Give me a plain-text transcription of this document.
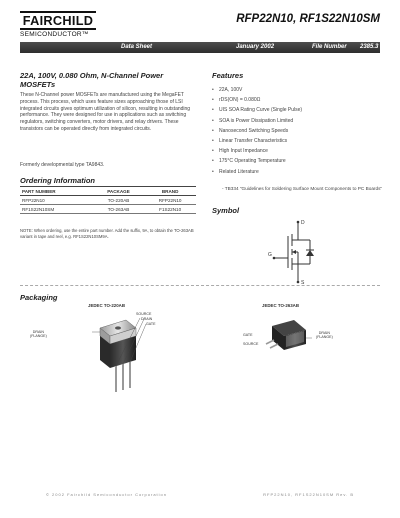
FAIRCHILD
SEMICONDUCTOR™
RFP22N10, RF1S22N10SM
Data Sheet	January 2002	File Number 2385.3
22A, 100V, 0.080 Ohm, N-Channel Power MOSFETs
These N-Channel power MOSFETs are manufactured using the MegaFET process. This process, which uses feature sizes approaching those of LSI integrated circuits gives optimum utilization of silicon, resulting in outstanding performance. They were designed for use in applications such as switching regulators, switching converters, motor drivers, and relay drivers. These transistors can be operated directly from integrated circuits.
Formerly developmental type TA9843.
Ordering Information
PART NUMBER	PACKAGE	BRAND
RFP22N10	TO-220AB	RFP22N10
RF1S22N10SM	TO-263AB	F1S22N10
NOTE: When ordering, use the entire part number. Add the suffix, 9A, to obtain the TO-263AB variant in tape and reel, e.g. RF1S22N10SM9A.
Features
• 22A, 100V
• rDS(ON) = 0.080Ω
• UIS SOA Rating Curve (Single Pulse)
• SOA is Power Dissipation Limited
• Nanosecond Switching Speeds
• Linear Transfer Characteristics
• High Input Impedance
• 175°C Operating Temperature
• Related Literature
- TB334 "Guidelines for Soldering Surface Mount Components to PC Boards"
Symbol
D
G
S
Packaging
JEDEC TO-220AB
SOURCE
DRAIN
GATE
DRAIN
(FLANGE)
JEDEC TO-263AB
GATE
SOURCE
DRAIN
(FLANGE)
© 2002 Fairchild Semiconductor Corporation	RFP22N10, RF1S22N10SM Rev. B
